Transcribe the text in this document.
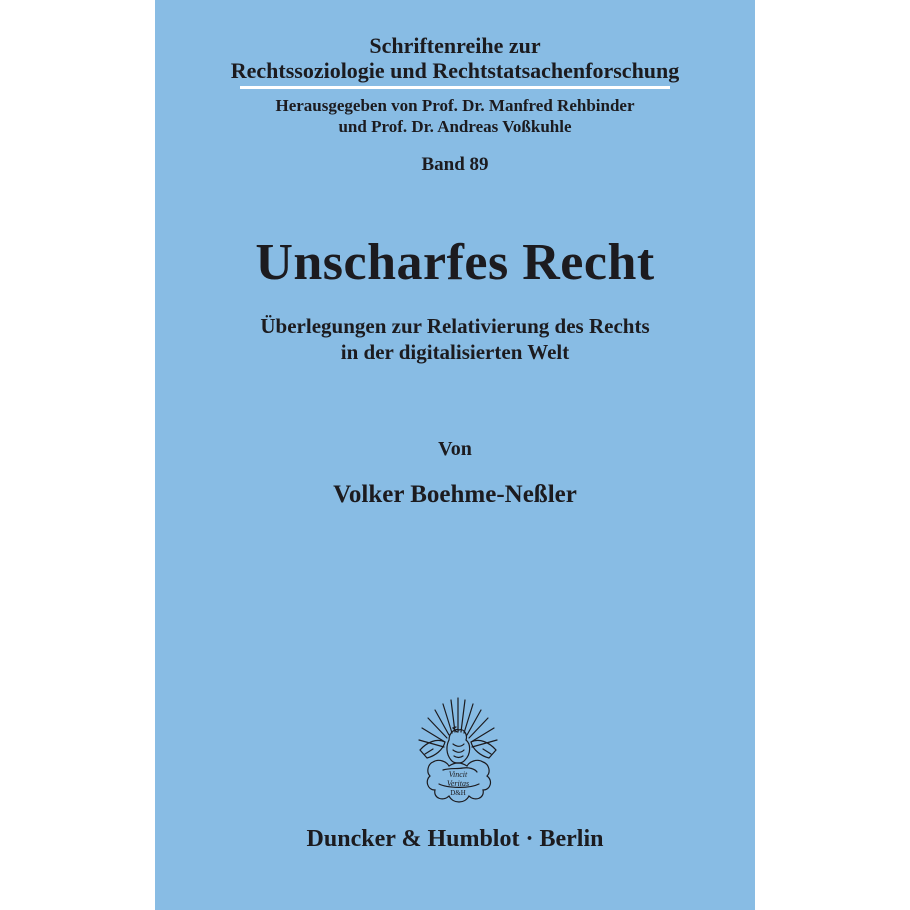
Schriftenreihe zur
Rechtssoziologie und Rechtstatsachenforschung
Herausgegeben von Prof. Dr. Manfred Rehbinder
und Prof. Dr. Andreas Voßkuhle
Band 89
Unscharfes Recht
Überlegungen zur Relativierung des Rechts
in der digitalisierten Welt
Von
Volker Boehme-Neßler
Vincit
Veritas
D&H
Duncker & Humblot · Berlin
